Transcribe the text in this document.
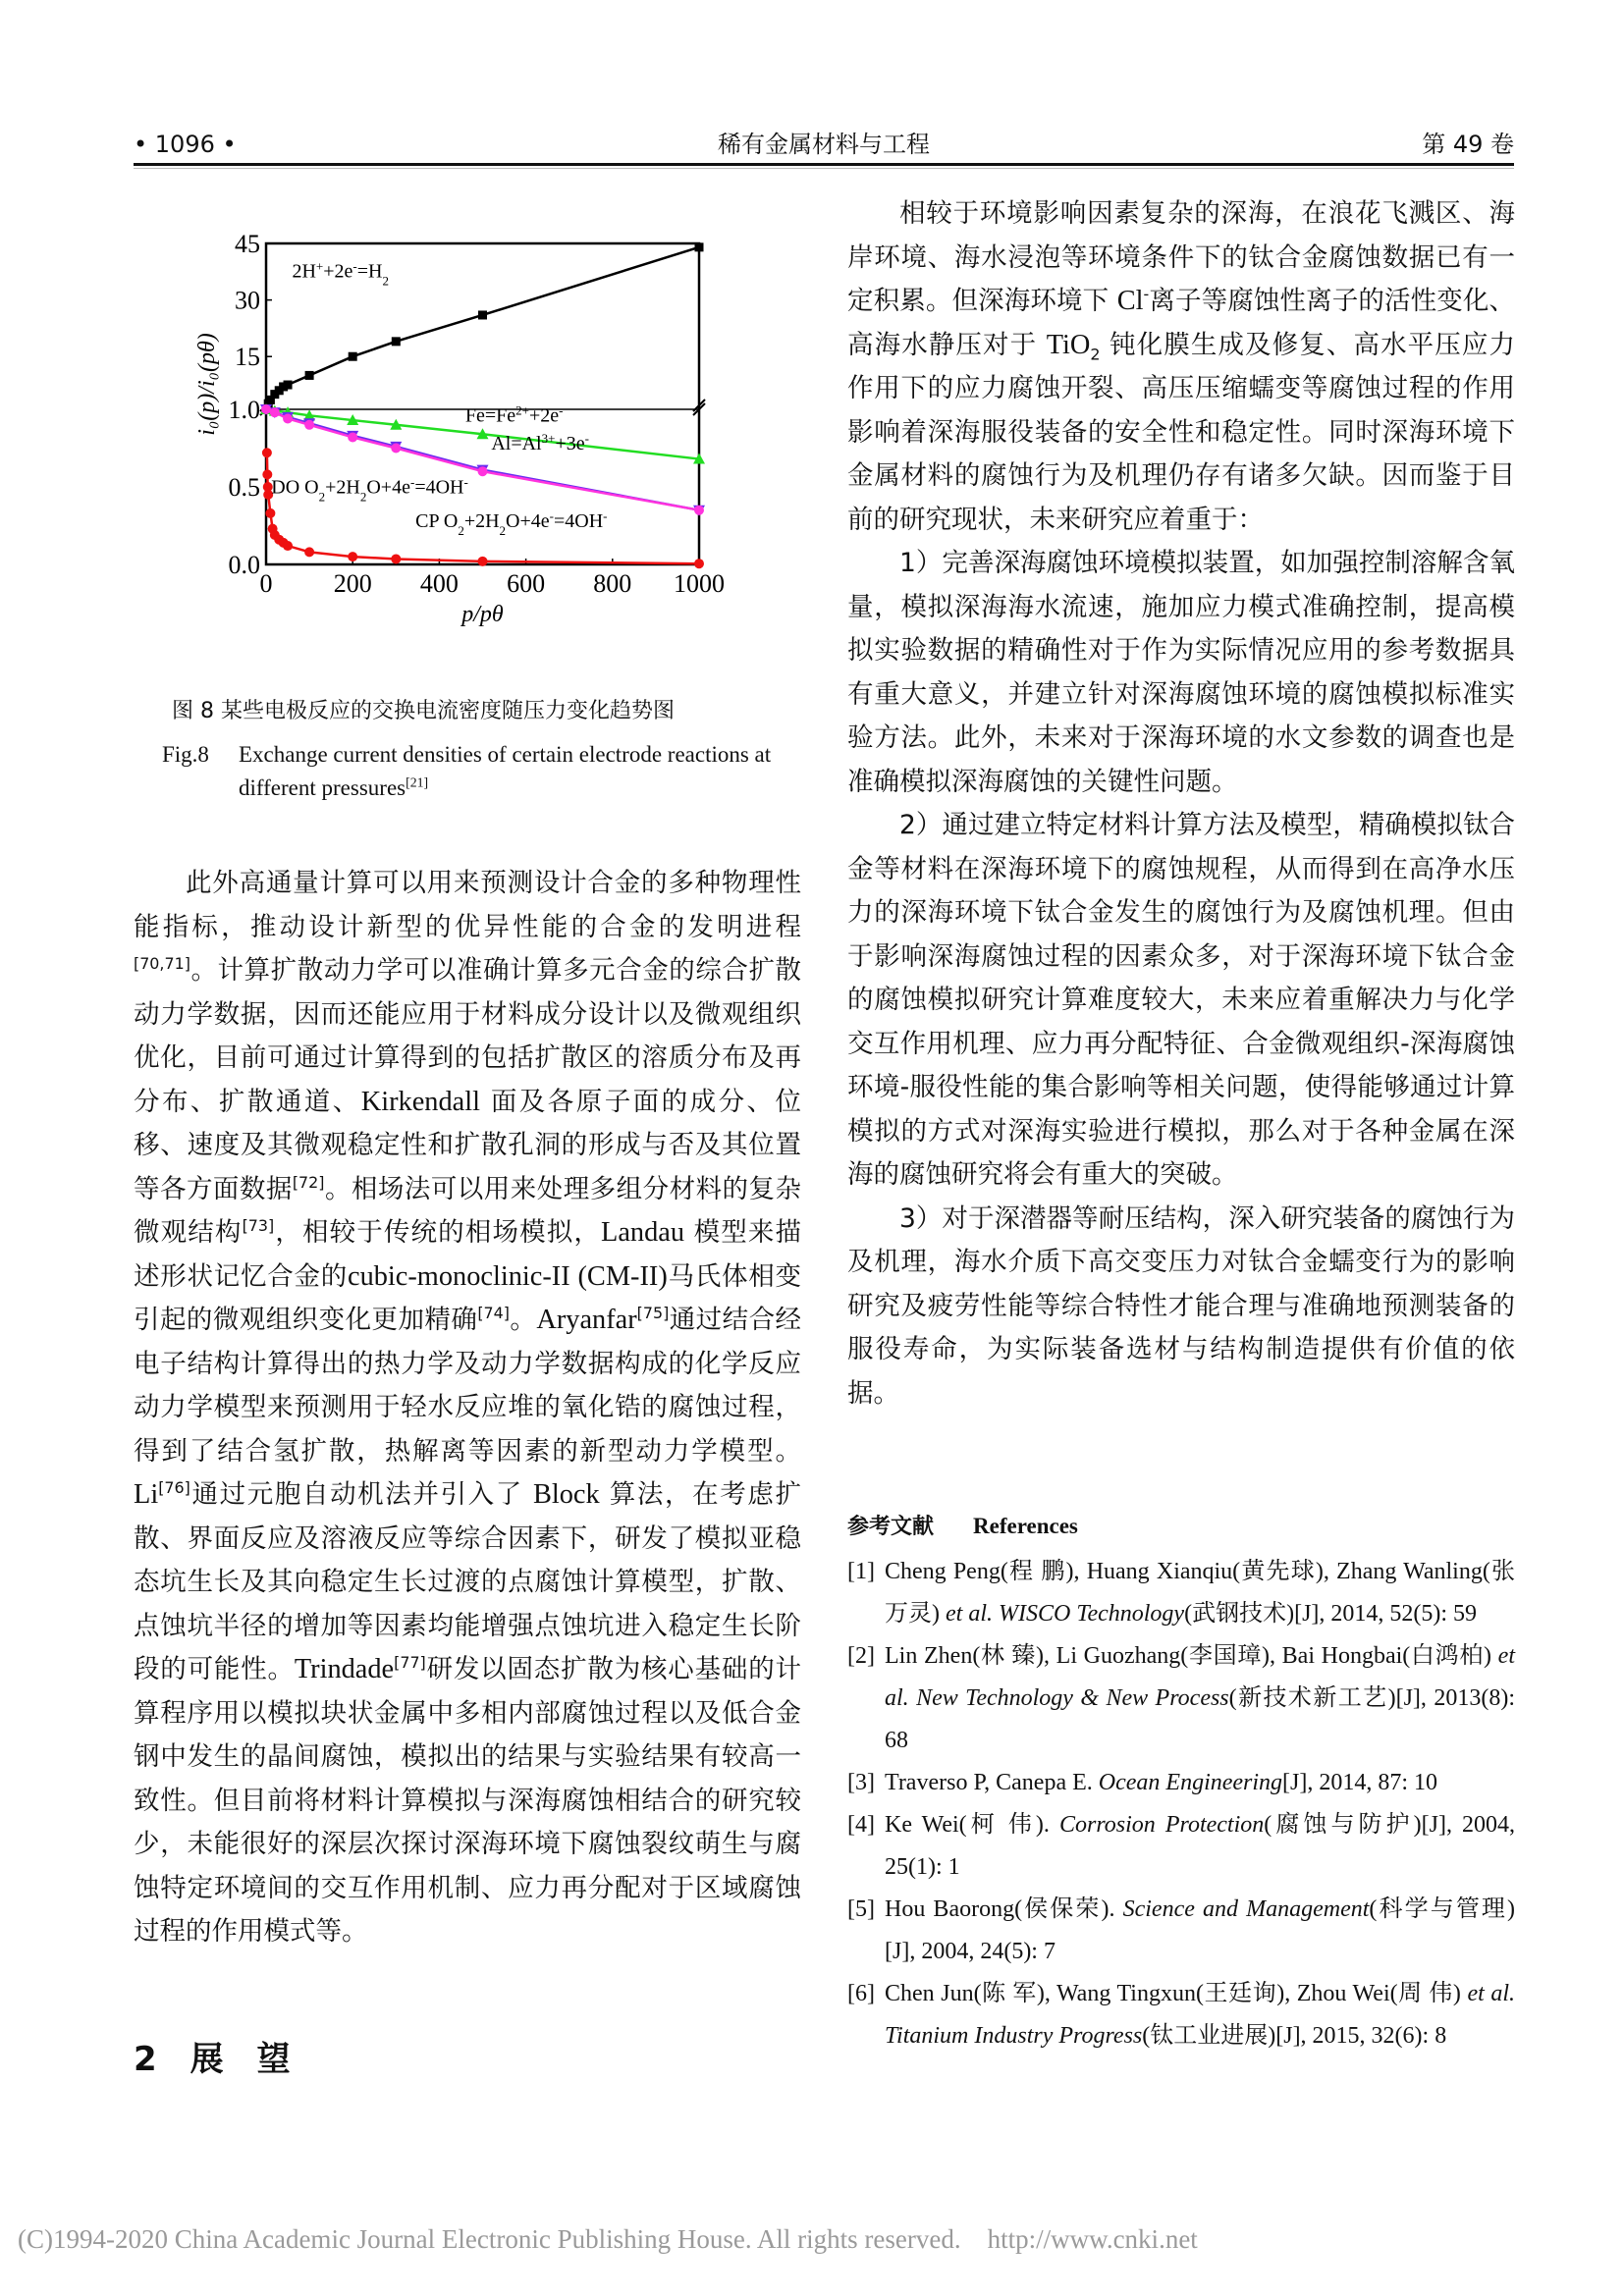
• 1096 •	稀有金属材料与工程	第 49 卷
0 200 400 600 800 1000
0.0
0.5
1.0
15
30
45
p/pθ
i₀(p)/i₀(pθ)
$2H^++2e^-=H_2$
$Fe=Fe^{2+}+2e^-$
$Al=Al^{3+}+3e^-$
DO $O_2+2H_2O+4e^-=4OH^-$
CP $O_2+2H_2O+4e^-=4OH^-$
图 8 某些电极反应的交换电流密度随压力变化趋势图
Fig.8 Exchange current densities of certain electrode reactions at
different pressures[21]

此外高通量计算可以用来预测设计合金的多种物理性能指标，推动设计新型的优异性能的合金的发明进程[70,71]。计算扩散动力学可以准确计算多元合金的综合扩散动力学数据，因而还能应用于材料成分设计以及微观组织优化，目前可通过计算得到的包括扩散区的溶质分布及再分布、扩散通道、Kirkendall 面及各原子面的成分、位移、速度及其微观稳定性和扩散孔洞的形成与否及其位置等各方面数据[72]。相场法可以用来处理多组分材料的复杂微观结构[73]，相较于传统的相场模拟，Landau 模型来描述形状记忆合金的cubic-monoclinic-II (CM-II)马氏体相变引起的微观组织变化更加精确[74]。Aryanfar[75]通过结合经电子结构计算得出的热力学及动力学数据构成的化学反应动力学模型来预测用于轻水反应堆的氧化锆的腐蚀过程，得到了结合氢扩散，热解离等因素的新型动力学模型。Li[76]通过元胞自动机法并引入了 Block 算法，在考虑扩散、界面反应及溶液反应等综合因素下，研发了模拟亚稳态坑生长及其向稳定生长过渡的点腐蚀计算模型，扩散、点蚀坑半径的增加等因素均能增强点蚀坑进入稳定生长阶段的可能性。Trindade[77]研发以固态扩散为核心基础的计算程序用以模拟块状金属中多相内部腐蚀过程以及低合金钢中发生的晶间腐蚀，模拟出的结果与实验结果有较高一致性。但目前将材料计算模拟与深海腐蚀相结合的研究较少，未能很好的深层次探讨深海环境下腐蚀裂纹萌生与腐蚀特定环境间的交互作用机制、应力再分配对于区域腐蚀过程的作用模式等。

2 展 望

相较于环境影响因素复杂的深海，在浪花飞溅区、海岸环境、海水浸泡等环境条件下的钛合金腐蚀数据已有一定积累。但深海环境下 Cl-离子等腐蚀性离子的活性变化、高海水静压对于 TiO$_2$ 钝化膜生成及修复、高水平压应力作用下的应力腐蚀开裂、高压压缩蠕变等腐蚀过程的作用影响着深海服役装备的安全性和稳定性。同时深海环境下金属材料的腐蚀行为及机理仍存有诸多欠缺。因而鉴于目前的研究现状，未来研究应着重于：

1）完善深海腐蚀环境模拟装置，如加强控制溶解含氧量，模拟深海海水流速，施加应力模式准确控制，提高模拟实验数据的精确性对于作为实际情况应用的参考数据具有重大意义，并建立针对深海腐蚀环境的腐蚀模拟标准实验方法。此外，未来对于深海环境的水文参数的调查也是准确模拟深海腐蚀的关键性问题。

2）通过建立特定材料计算方法及模型，精确模拟钛合金等材料在深海环境下的腐蚀规程，从而得到在高净水压力的深海环境下钛合金发生的腐蚀行为及腐蚀机理。但由于影响深海腐蚀过程的因素众多，对于深海环境下钛合金的腐蚀模拟研究计算难度较大，未来应着重解决力与化学交互作用机理、应力再分配特征、合金微观组织-深海腐蚀环境-服役性能的集合影响等相关问题，使得能够通过计算模拟的方式对深海实验进行模拟，那么对于各种金属在深海的腐蚀研究将会有重大的突破。

3）对于深潜器等耐压结构，深入研究装备的腐蚀行为及机理，海水介质下高交变压力对钛合金蠕变行为的影响研究及疲劳性能等综合特性才能合理与准确地预测装备的服役寿命，为实际装备选材与结构制造提供有价值的依据。

参考文献 References
[1] Cheng Peng(程 鹏), Huang Xianqiu(黄先球), Zhang Wanling(张万灵) et al. WISCO Technology(武钢技术)[J], 2014, 52(5): 59
[2] Lin Zhen(林 臻), Li Guozhang(李国璋), Bai Hongbai(白鸿柏) et al. New Technology & New Process(新技术新工艺)[J], 2013(8): 68
[3] Traverso P, Canepa E. Ocean Engineering[J], 2014, 87: 10
[4] Ke Wei(柯 伟). Corrosion Protection(腐蚀与防护)[J], 2004, 25(1): 1
[5] Hou Baorong(侯保荣). Science and Management(科学与管理)[J], 2004, 24(5): 7
[6] Chen Jun(陈 军), Wang Tingxun(王廷询), Zhou Wei(周 伟) et al. Titanium Industry Progress(钛工业进展)[J], 2015, 32(6): 8
(C)1994-2020 China Academic Journal Electronic Publishing House. All rights reserved. http://www.cnki.net
